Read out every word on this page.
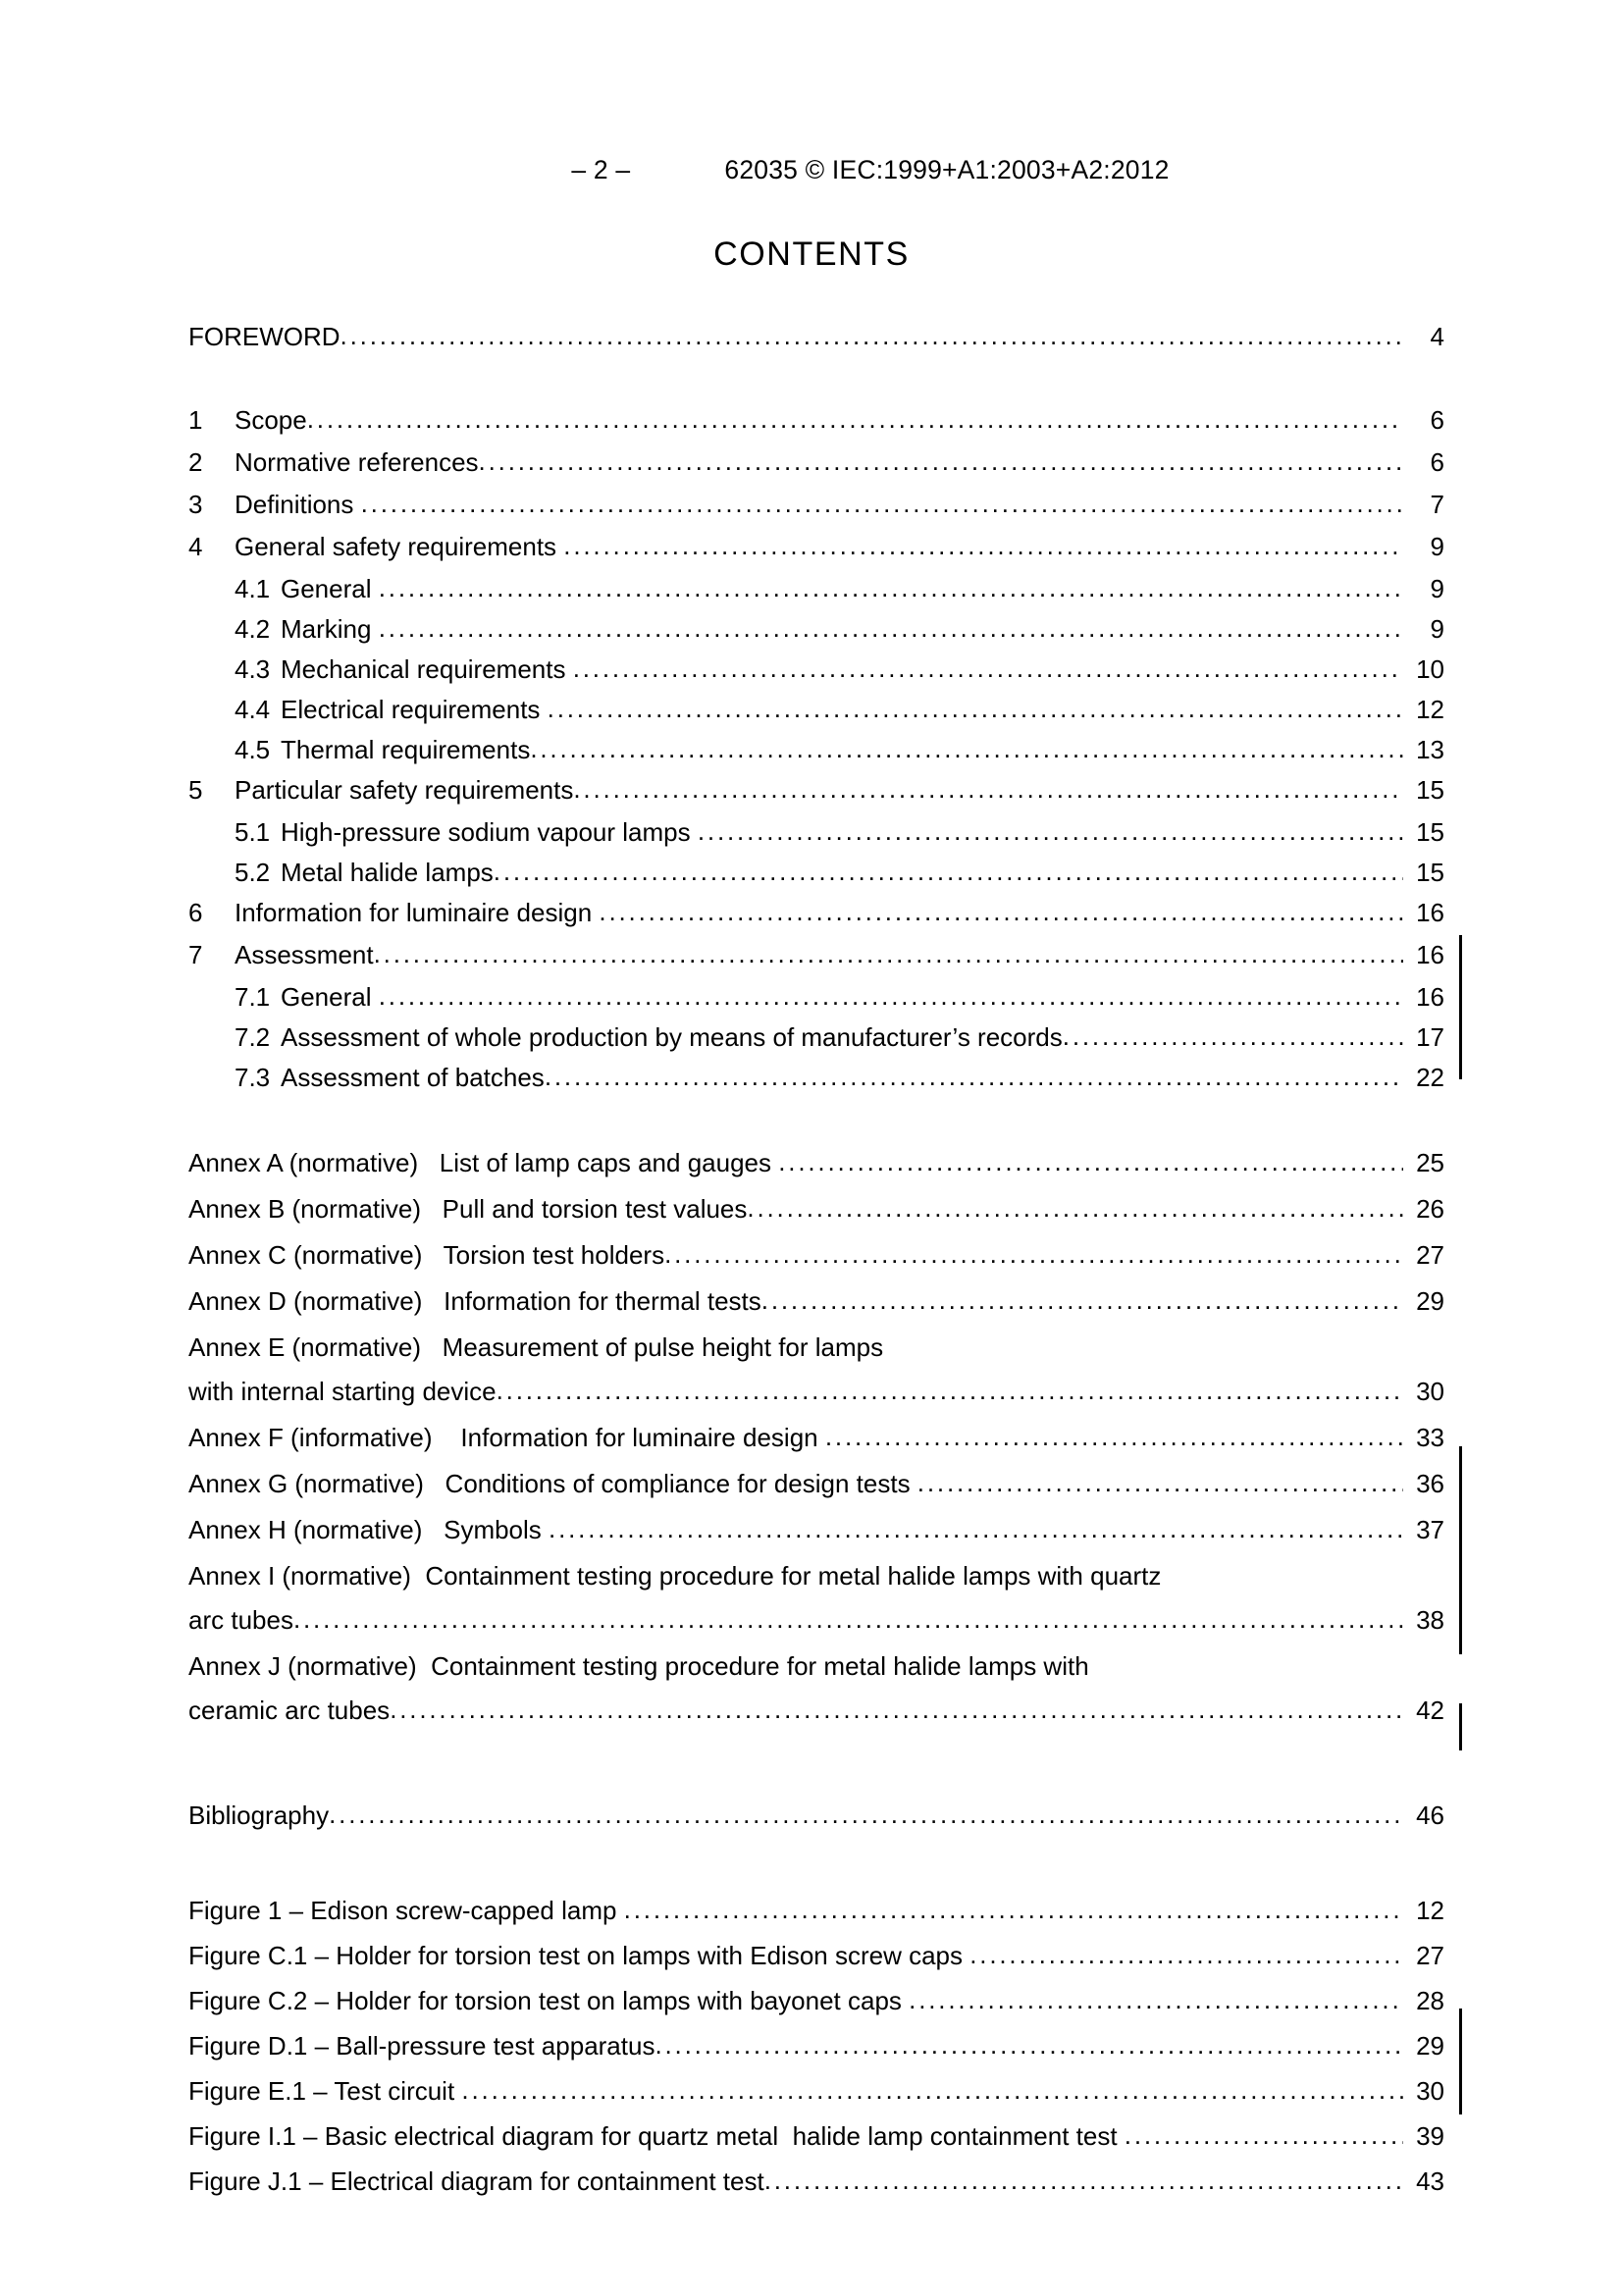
– 2 –	62035 © IEC:1999+A1:2003+A2:2012
CONTENTS
FOREWORD . . .	4
1	Scope . . .	6
2	Normative references . . .	6
3	Definitions . . .	7
4	General safety requirements . . .	9
4.1 General . . .	9
4.2 Marking . . .	9
4.3 Mechanical requirements . . .	10
4.4 Electrical requirements . . .	12
4.5 Thermal requirements . . .	13
5	Particular safety requirements . . .	15
5.1 High-pressure sodium vapour lamps . . .	15
5.2 Metal halide lamps . . .	15
6	Information for luminaire design . . .	16
7	Assessment . . .	16
7.1 General . . .	16
7.2 Assessment of whole production by means of manufacturer’s records . . .	17
7.3 Assessment of batches . . .	22
Annex A (normative) List of lamp caps and gauges . . .	25
Annex B (normative) Pull and torsion test values . . .	26
Annex C (normative) Torsion test holders . . .	27
Annex D (normative) Information for thermal tests . . .	29
Annex E (normative) Measurement of pulse height for lamps
with internal starting device . . .	30
Annex F (informative) Information for luminaire design . . .	33
Annex G (normative) Conditions of compliance for design tests . . .	36
Annex H (normative) Symbols . . .	37
Annex I (normative) Containment testing procedure for metal halide lamps with quartz
arc tubes . . .	38
Annex J (normative) Containment testing procedure for metal halide lamps with
ceramic arc tubes . . .	42
Bibliography . . .	46
Figure 1 – Edison screw-capped lamp . . .	12
Figure C.1 – Holder for torsion test on lamps with Edison screw caps . . .	27
Figure C.2 – Holder for torsion test on lamps with bayonet caps . . .	28
Figure D.1 – Ball-pressure test apparatus . . .	29
Figure E.1 – Test circuit . . .	30
Figure I.1 – Basic electrical diagram for quartz metal  halide lamp containment test . . .	39
Figure J.1 – Electrical diagram for containment test . . .	43
